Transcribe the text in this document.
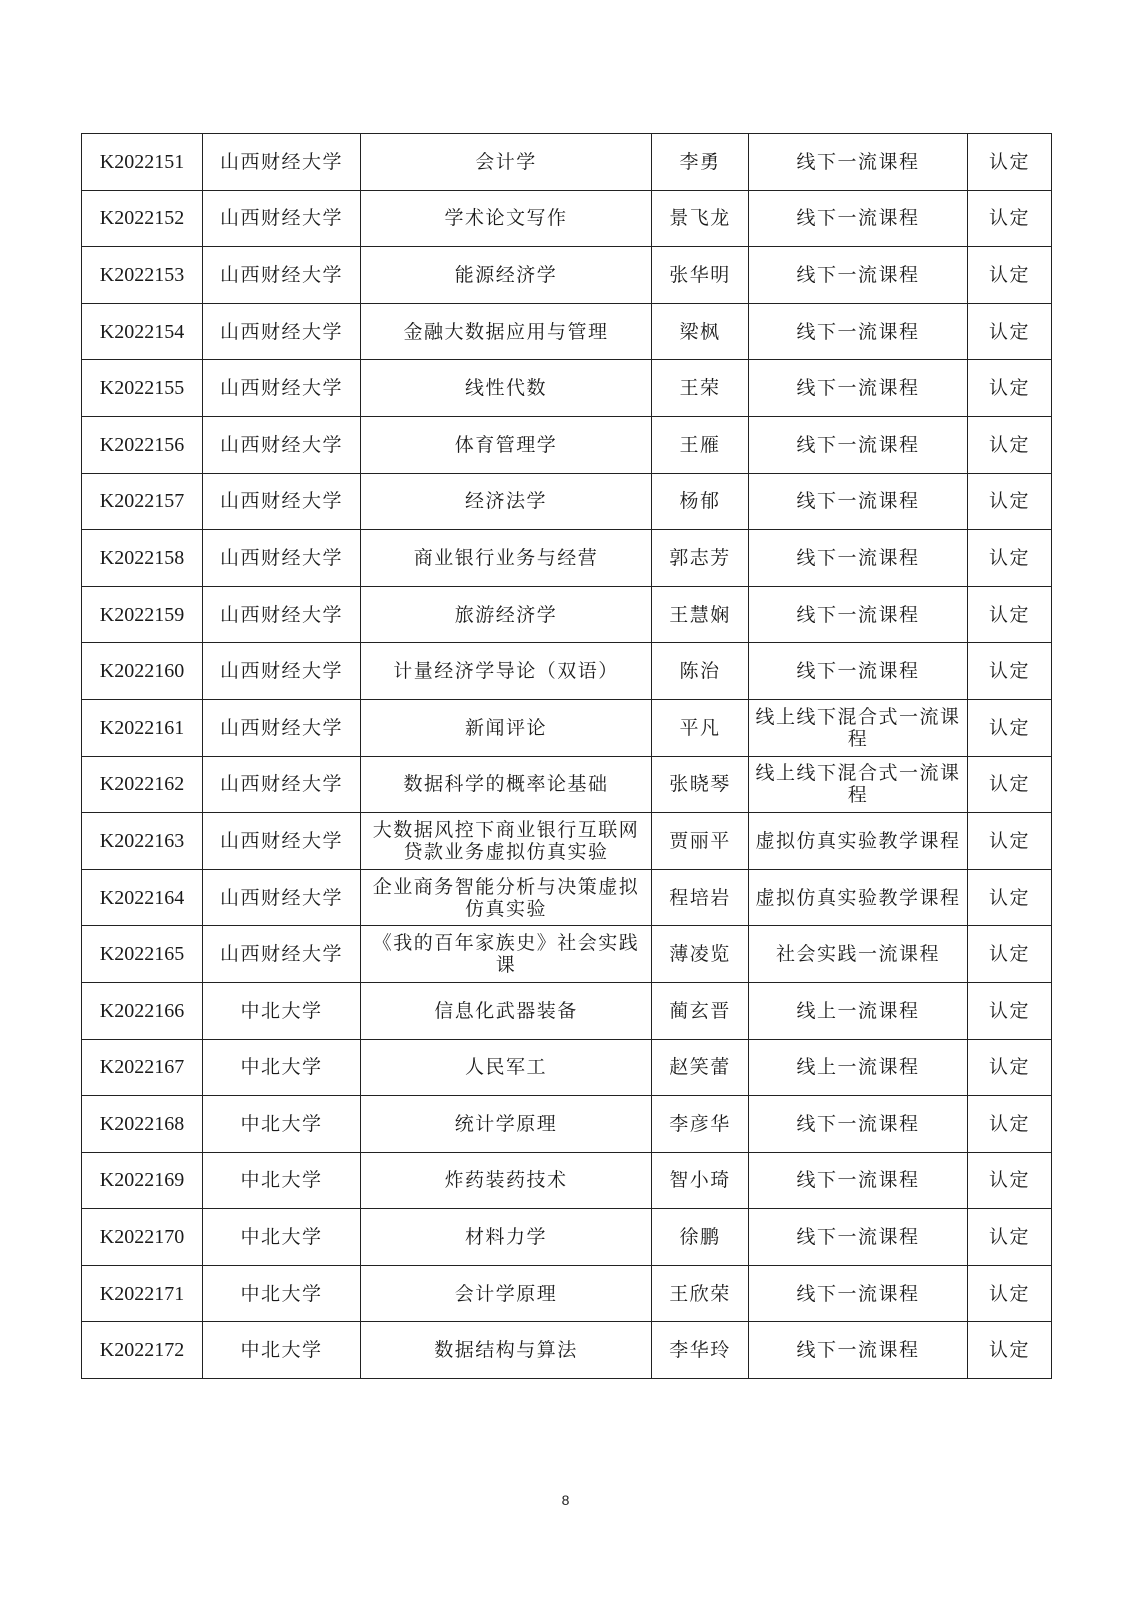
K2022151	山西财经大学	会计学	李勇	线下一流课程	认定
K2022152	山西财经大学	学术论文写作	景飞龙	线下一流课程	认定
K2022153	山西财经大学	能源经济学	张华明	线下一流课程	认定
K2022154	山西财经大学	金融大数据应用与管理	梁枫	线下一流课程	认定
K2022155	山西财经大学	线性代数	王荣	线下一流课程	认定
K2022156	山西财经大学	体育管理学	王雁	线下一流课程	认定
K2022157	山西财经大学	经济法学	杨郁	线下一流课程	认定
K2022158	山西财经大学	商业银行业务与经营	郭志芳	线下一流课程	认定
K2022159	山西财经大学	旅游经济学	王慧娴	线下一流课程	认定
K2022160	山西财经大学	计量经济学导论（双语）	陈治	线下一流课程	认定
K2022161	山西财经大学	新闻评论	平凡	线上线下混合式一流课程	认定
K2022162	山西财经大学	数据科学的概率论基础	张晓琴	线上线下混合式一流课程	认定
K2022163	山西财经大学	大数据风控下商业银行互联网贷款业务虚拟仿真实验	贾丽平	虚拟仿真实验教学课程	认定
K2022164	山西财经大学	企业商务智能分析与决策虚拟仿真实验	程培岩	虚拟仿真实验教学课程	认定
K2022165	山西财经大学	《我的百年家族史》社会实践课	薄凌览	社会实践一流课程	认定
K2022166	中北大学	信息化武器装备	蔺玄晋	线上一流课程	认定
K2022167	中北大学	人民军工	赵笑蕾	线上一流课程	认定
K2022168	中北大学	统计学原理	李彦华	线下一流课程	认定
K2022169	中北大学	炸药装药技术	智小琦	线下一流课程	认定
K2022170	中北大学	材料力学	徐鹏	线下一流课程	认定
K2022171	中北大学	会计学原理	王欣荣	线下一流课程	认定
K2022172	中北大学	数据结构与算法	李华玲	线下一流课程	认定
8
